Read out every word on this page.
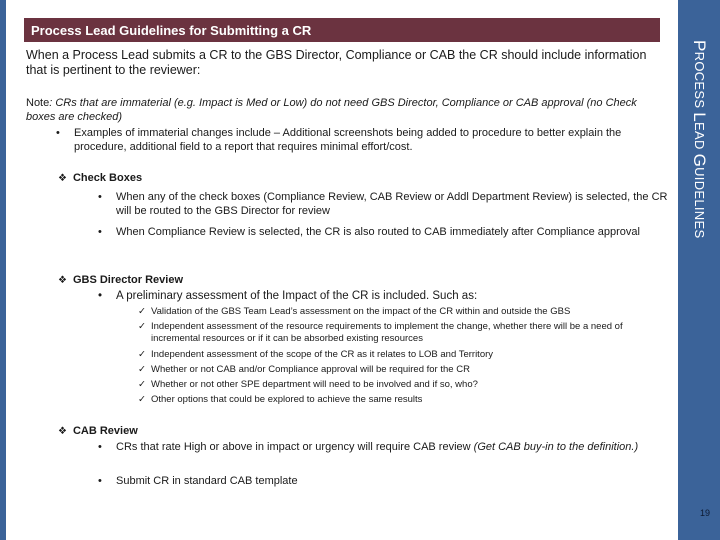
PROCESS LEAD GUIDELINES
19
Process Lead Guidelines for Submitting a CR

When a Process Lead submits a CR to the GBS Director, Compliance or CAB the CR should include information that is pertinent to the reviewer:

Note: CRs that are immaterial (e.g. Impact is Med or Low) do not need GBS Director, Compliance or CAB approval (no Check boxes are checked)
•	Examples of immaterial changes include – Additional screenshots being added to procedure to better explain the procedure, additional field to a report that requires minimal effort/cost.
❖ Check Boxes
•	When any of the check boxes (Compliance Review, CAB Review or Addl Department Review) is selected, the CR will be routed to the GBS Director for review
•	When Compliance Review is selected, the CR is also routed to CAB immediately after Compliance approval
❖ GBS Director Review
•	A preliminary assessment of the Impact of the CR is included. Such as:
✓ Validation of the GBS Team Lead’s assessment on the impact of the CR within and outside the GBS
✓ Independent assessment of the resource requirements to implement the change, whether there will be a need of incremental resources or if it can be absorbed existing resources
✓ Independent assessment of the scope of the CR as it relates to LOB and Territory
✓ Whether or not CAB and/or Compliance approval will be required for the CR
✓ Whether or not other SPE department will need to be involved and if so, who?
✓ Other options that could be explored to achieve the same results
❖ CAB Review
•	CRs that rate High or above in impact or urgency will require CAB review (Get CAB buy-in to the definition.)
•	Submit CR in standard CAB template
